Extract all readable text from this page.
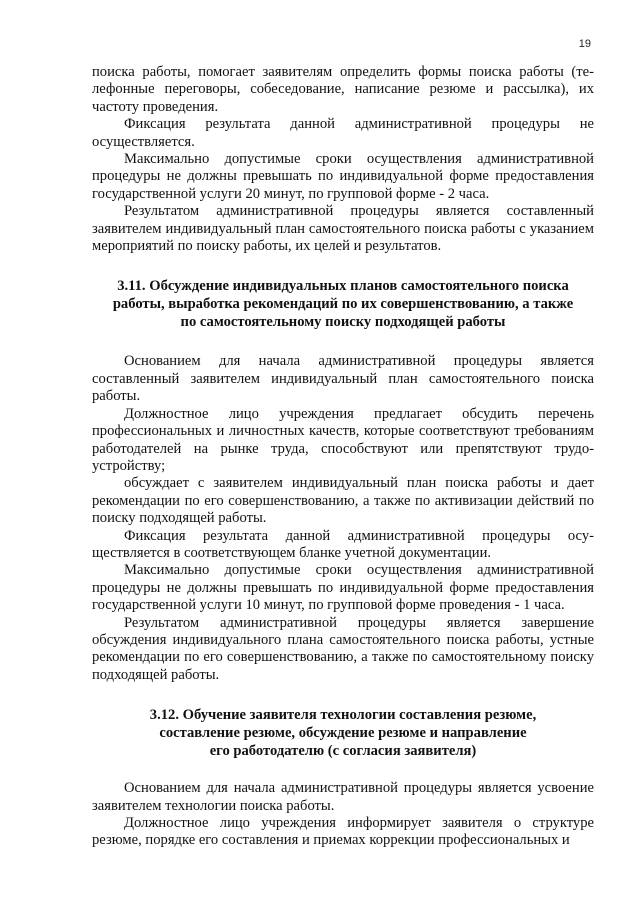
19

поиска работы, помогает заявителям определить формы поиска работы (телефонные переговоры, собеседование, написание резюме и рассылка), их частоту проведения.

Фиксация результата данной административной процедуры не осуществляется.

Максимально допустимые сроки осуществления административной процедуры не должны превышать по индивидуальной форме предоставления государственной услуги 20 минут, по групповой форме - 2 часа.

Результатом административной процедуры является составленный заявителем индивидуальный план самостоятельного поиска работы с указанием мероприятий по поиску работы, их целей и результатов.

3.11. Обсуждение индивидуальных планов самостоятельного поиска
работы, выработка рекомендаций по их совершенствованию, а также
по самостоятельному поиску подходящей работы

Основанием для начала административной процедуры является составленный заявителем индивидуальный план самостоятельного поиска работы.

Должностное лицо учреждения предлагает обсудить перечень профессиональных и личностных качеств, которые соответствуют требованиям работодателей на рынке труда, способствуют или препятствуют трудоустройству;

обсуждает с заявителем индивидуальный план поиска работы и дает рекомендации по его совершенствованию, а также по активизации действий по поиску подходящей работы.

Фиксация результата данной административной процедуры осуществляется в соответствующем бланке учетной документации.

Максимально допустимые сроки осуществления административной процедуры не должны превышать по индивидуальной форме предоставления государственной услуги 10 минут, по групповой форме проведения - 1 часа.

Результатом административной процедуры является завершение обсуждения индивидуального плана самостоятельного поиска работы, устные рекомендации по его совершенствованию, а также по самостоятельному поиску подходящей работы.

3.12. Обучение заявителя технологии составления резюме,
составление резюме, обсуждение резюме и направление
его работодателю (с согласия заявителя)

Основанием для начала административной процедуры является усвоение заявителем технологии поиска работы.

Должностное лицо учреждения информирует заявителя о структуре резюме, порядке его составления и приемах коррекции профессиональных и
